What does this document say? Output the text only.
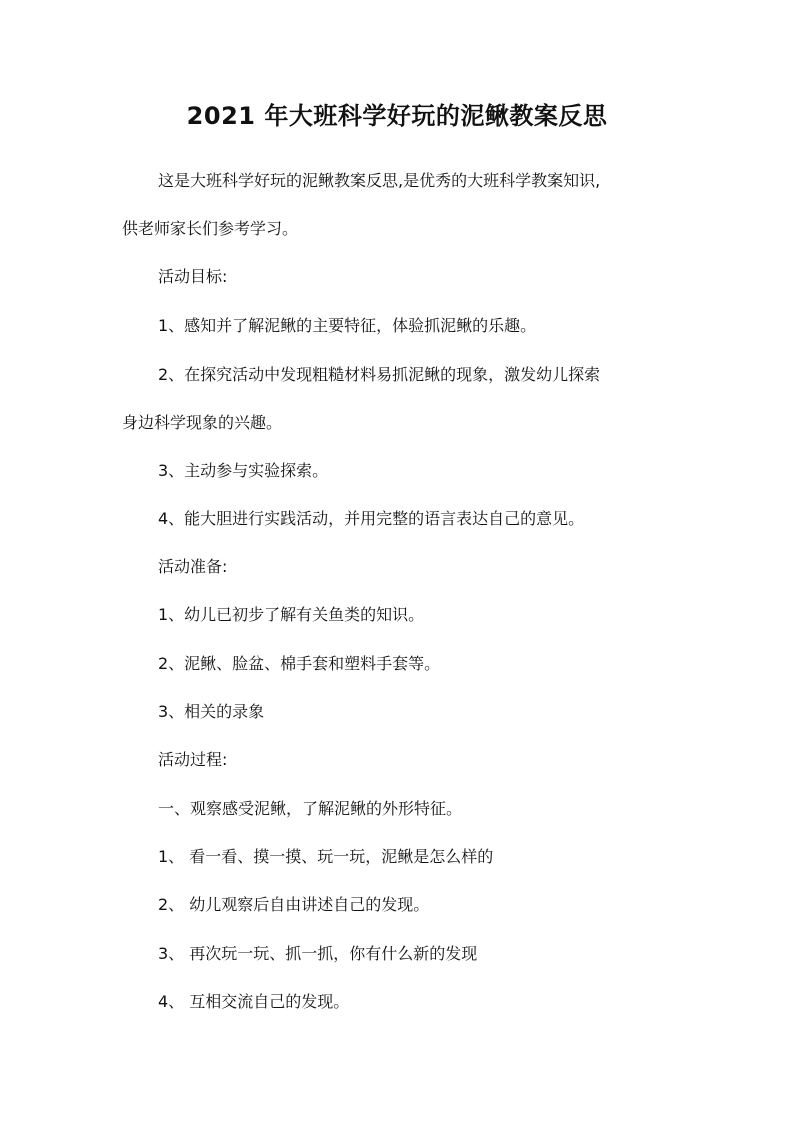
2021 年大班科学好玩的泥鳅教案反思
这是大班科学好玩的泥鳅教案反思,是优秀的大班科学教案知识,
供老师家长们参考学习。
活动目标:
1、感知并了解泥鳅的主要特征，体验抓泥鳅的乐趣。
2、在探究活动中发现粗糙材料易抓泥鳅的现象，激发幼儿探索
身边科学现象的兴趣。
3、主动参与实验探索。
4、能大胆进行实践活动，并用完整的语言表达自己的意见。
活动准备:
1、幼儿已初步了解有关鱼类的知识。
2、泥鳅、脸盆、棉手套和塑料手套等。
3、相关的录象
活动过程:
一、观察感受泥鳅，了解泥鳅的外形特征。
1、 看一看、摸一摸、玩一玩，泥鳅是怎么样的
2、 幼儿观察后自由讲述自己的发现。
3、 再次玩一玩、抓一抓，你有什么新的发现
4、 互相交流自己的发现。
